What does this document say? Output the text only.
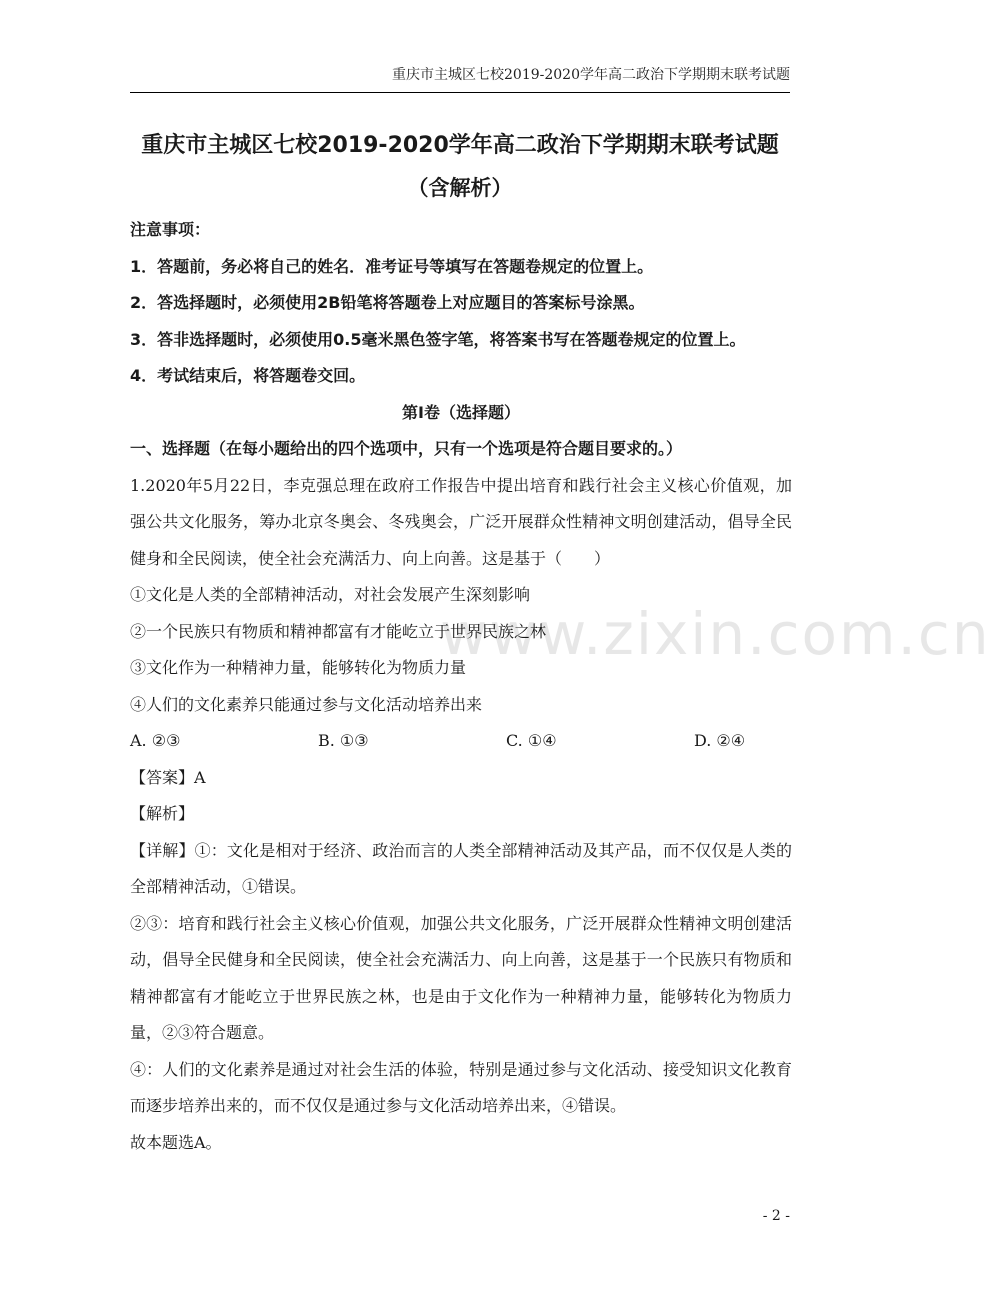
重庆市主城区七校2019-2020学年高二政治下学期期末联考试题
重庆市主城区七校2019-2020学年高二政治下学期期末联考试题
（含解析）
www.zixin.com.cn

注意事项：

1．答题前，务必将自己的姓名．准考证号等填写在答题卷规定的位置上。

2．答选择题时，必须使用2B铅笔将答题卷上对应题目的答案标号涂黑。

3．答非选择题时，必须使用0.5毫米黑色签字笔，将答案书写在答题卷规定的位置上。

4．考试结束后，将答题卷交回。

第Ⅰ卷（选择题）

一、选择题（在每小题给出的四个选项中，只有一个选项是符合题目要求的。）

1.2020年5月22日，李克强总理在政府工作报告中提出培育和践行社会主义核心价值观，加强公共文化服务，筹办北京冬奥会、冬残奥会，广泛开展群众性精神文明创建活动，倡导全民健身和全民阅读，使全社会充满活力、向上向善。这是基于（　　）

①文化是人类的全部精神活动，对社会发展产生深刻影响

②一个民族只有物质和精神都富有才能屹立于世界民族之林

③文化作为一种精神力量，能够转化为物质力量

④人们的文化素养只能通过参与文化活动培养出来

A. ②③	B. ①③	C. ①④	D. ②④

【答案】A

【解析】

【详解】①：文化是相对于经济、政治而言的人类全部精神活动及其产品，而不仅仅是人类的全部精神活动，①错误。

②③：培育和践行社会主义核心价值观，加强公共文化服务，广泛开展群众性精神文明创建活动，倡导全民健身和全民阅读，使全社会充满活力、向上向善，这是基于一个民族只有物质和精神都富有才能屹立于世界民族之林，也是由于文化作为一种精神力量，能够转化为物质力量，②③符合题意。

④：人们的文化素养是通过对社会生活的体验，特别是通过参与文化活动、接受知识文化教育而逐步培养出来的，而不仅仅是通过参与文化活动培养出来，④错误。

故本题选A。

- 2 -
